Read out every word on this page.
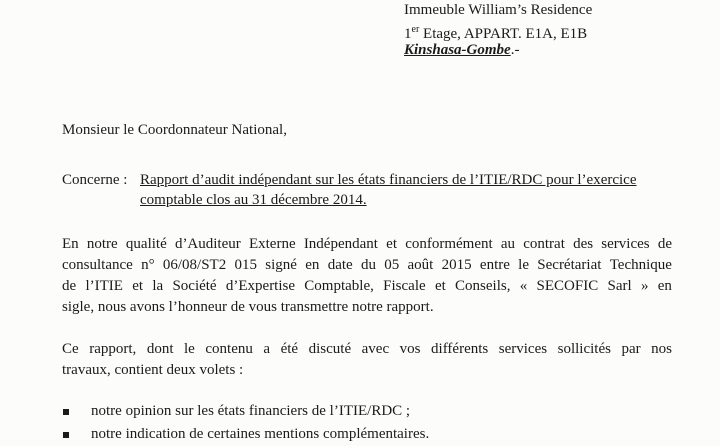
Immeuble William’s Residence
1er Etage, APPART. E1A, E1B
Kinshasa-Gombe.-
Monsieur le Coordonnateur National,
Concerne : Rapport d’audit indépendant sur les états financiers de l’ITIE/RDC pour l’exercice
comptable clos au 31 décembre 2014.
En notre qualité d’Auditeur Externe Indépendant et conformément au contrat des services de
consultance n° 06/08/ST2 015 signé en date du 05 août 2015 entre le Secrétariat Technique
de l’ITIE et la Société d’Expertise Comptable, Fiscale et Conseils, « SECOFIC Sarl » en
sigle, nous avons l’honneur de vous transmettre notre rapport.
Ce rapport, dont le contenu a été discuté avec vos différents services sollicités par nos
travaux, contient deux volets :
notre opinion sur les états financiers de l’ITIE/RDC ;
notre indication de certaines mentions complémentaires.
